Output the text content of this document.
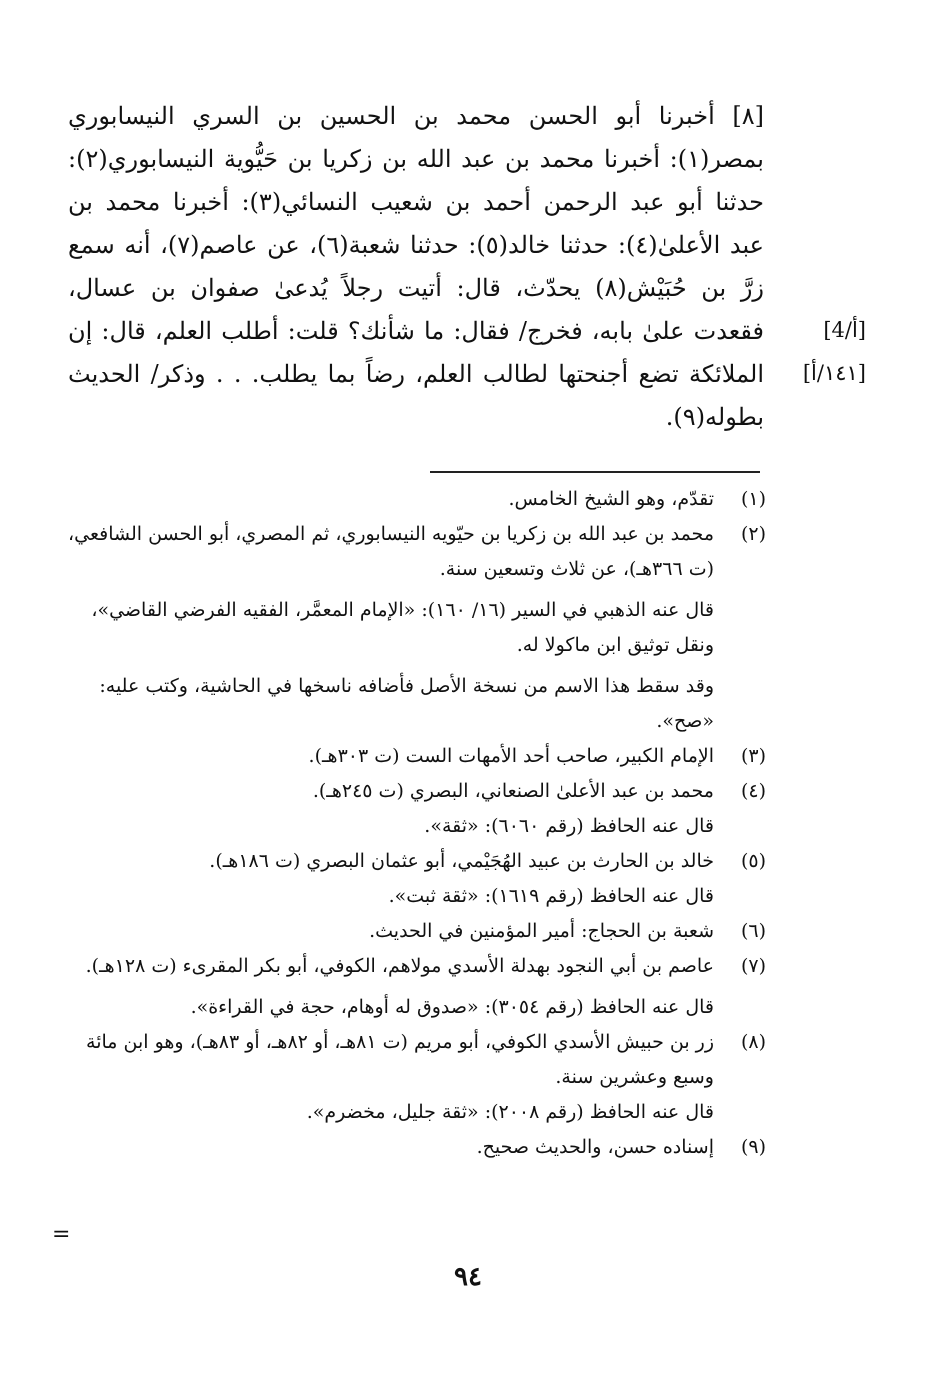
[٨] أخبرنا أبو الحسن محمد بن الحسين بن السري النيسابوري
بمصر(١): أخبرنا محمد بن عبد الله بن زكريا بن حَيُّوية النيسابوري(٢):
حدثنا أبو عبد الرحمن أحمد بن شعيب النسائي(٣): أخبرنا محمد بن
عبد الأعلىٰ(٤): حدثنا خالد(٥): حدثنا شعبة(٦)، عن عاصم(٧)، أنه سمع
زرَّ بن حُبَيْش(٨) يحدّث، قال: أتيت رجلاً يُدعىٰ صفوان بن عسال،
فقعدت علىٰ بابه، فخرج/ فقال: ما شأنك؟ قلت: أطلب العلم، قال: إن
الملائكة تضع أجنحتها لطالب العلم، رضاً بما يطلب. . . وذكر/ الحديث
بطوله(٩).
[4/أ]
[١٤١/أ]
(١)
تقدّم، وهو الشيخ الخامس.
(٢)
محمد بن عبد الله بن زكريا بن حيّويه النيسابوري، ثم المصري، أبو الحسن الشافعي، (ت ٣٦٦هـ)، عن ثلاث وتسعين سنة.
قال عنه الذهبي في السير (١٦/ ١٦٠): «الإمام المعمَّر، الفقيه الفرضي القاضي»، ونقل توثيق ابن ماكولا له.
وقد سقط هذا الاسم من نسخة الأصل فأضافه ناسخها في الحاشية، وكتب عليه: «صح».
(٣)
الإمام الكبير، صاحب أحد الأمهات الست (ت ٣٠٣هـ).
(٤)
محمد بن عبد الأعلىٰ الصنعاني، البصري (ت ٢٤٥هـ).
قال عنه الحافظ (رقم ٦٠٦٠): «ثقة».
(٥)
خالد بن الحارث بن عبيد الهُجَيْمي، أبو عثمان البصري (ت ١٨٦هـ).
قال عنه الحافظ (رقم ١٦١٩): «ثقة ثبت».
(٦)
شعبة بن الحجاج: أمير المؤمنين في الحديث.
(٧)
عاصم بن أبي النجود بهدلة الأسدي مولاهم، الكوفي، أبو بكر المقرىء (ت ١٢٨هـ).
قال عنه الحافظ (رقم ٣٠٥٤): «صدوق له أوهام، حجة في القراءة».
(٨)
زر بن حبيش الأسدي الكوفي، أبو مريم (ت ٨١هـ، أو ٨٢هـ، أو ٨٣هـ)، وهو ابن مائة وسبع وعشرين سنة.
قال عنه الحافظ (رقم ٢٠٠٨): «ثقة جليل، مخضرم».
(٩)
إسناده حسن، والحديث صحيح.
=
٩٤
